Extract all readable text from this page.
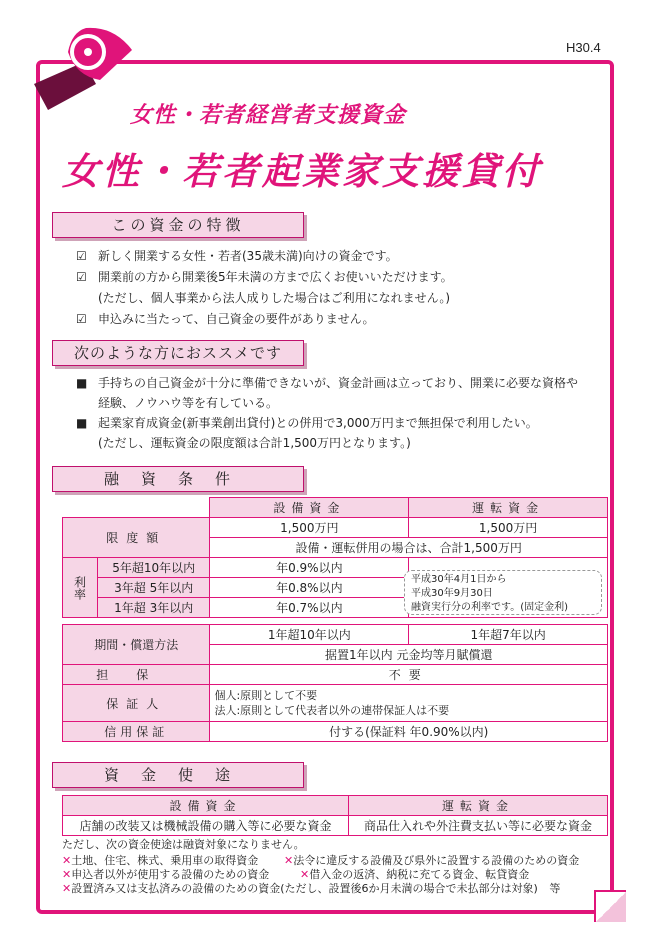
H30.4
女性・若者経営者支援資金
女性・若者起業家支援貸付
この資金の特徴
☑ 新しく開業する女性・若者(35歳未満)向けの資金です。
☑ 開業前の方から開業後5年未満の方まで広くお使いいただけます。
(ただし、個人事業から法人成りした場合はご利用になれません。)
☑ 申込みに当たって、自己資金の要件がありません。
次のような方におススメです
■ 手持ちの自己資金が十分に準備できないが、資金計画は立っており、開業に必要な資格や
経験、ノウハウ等を有している。
■ 起業家育成資金(新事業創出貸付)との併用で3,000万円まで無担保で利用したい。
(ただし、運転資金の限度額は合計1,500万円となります。)
融資条件
		設備資金	運転資金
限度額		1,500万円	1,500万円
		設備・運転併用の場合は、合計1,500万円	
利率	5年超10年以内	年0.9%以内	
	3年超 5年以内	年0.8%以内	
	1年超 3年以内	年0.7%以内	

期間・償還方法		1年超10年以内	1年超7年以内
		据置1年以内 元金均等月賦償還	
担保		不要	
保証人		個人:原則として不要
法人:原則として代表者以外の連帯保証人は不要	

信用保証		付する(保証料 年0.90%以内)	
平成30年4月1日から
平成30年9月30日
融資実行分の利率です。(固定金利)
資金使途
設備資金	運転資金
店舗の改装又は機械設備の購入等に必要な資金	商品仕入れや外注費支払い等に必要な資金
ただし、次の資金使途は融資対象になりません。
✕土地、住宅、株式、乗用車の取得資金 ✕法令に違反する設備及び県外に設置する設備のための資金
✕申込者以外が使用する設備のための資金	✕借入金の返済、納税に充てる資金、転貸資金
✕設置済み又は支払済みの設備のための資金(ただし、設置後6か月未満の場合で未払部分は対象) 等
